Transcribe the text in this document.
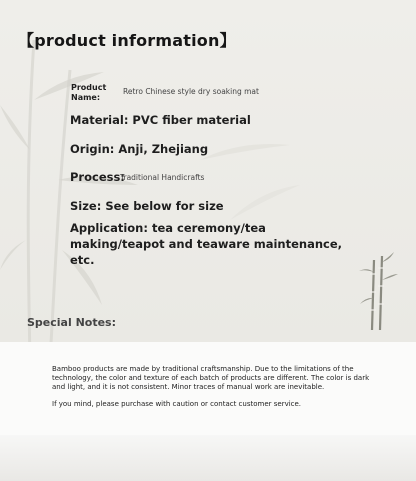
【product information】
Product Name:
Retro Chinese style dry soaking mat
Material: PVC fiber material
Origin: Anji, Zhejiang
Process:
Traditional Handicrafts
Size: See below for size
Application: tea ceremony/tea making/teapot and teaware maintenance, etc.
Special Notes:

Bamboo products are made by traditional craftsmanship. Due to the limitations of the technology, the color and texture of each batch of products are different. The color is dark and light, and it is not consistent. Minor traces of manual work are inevitable.

If you mind, please purchase with caution or contact customer service.
